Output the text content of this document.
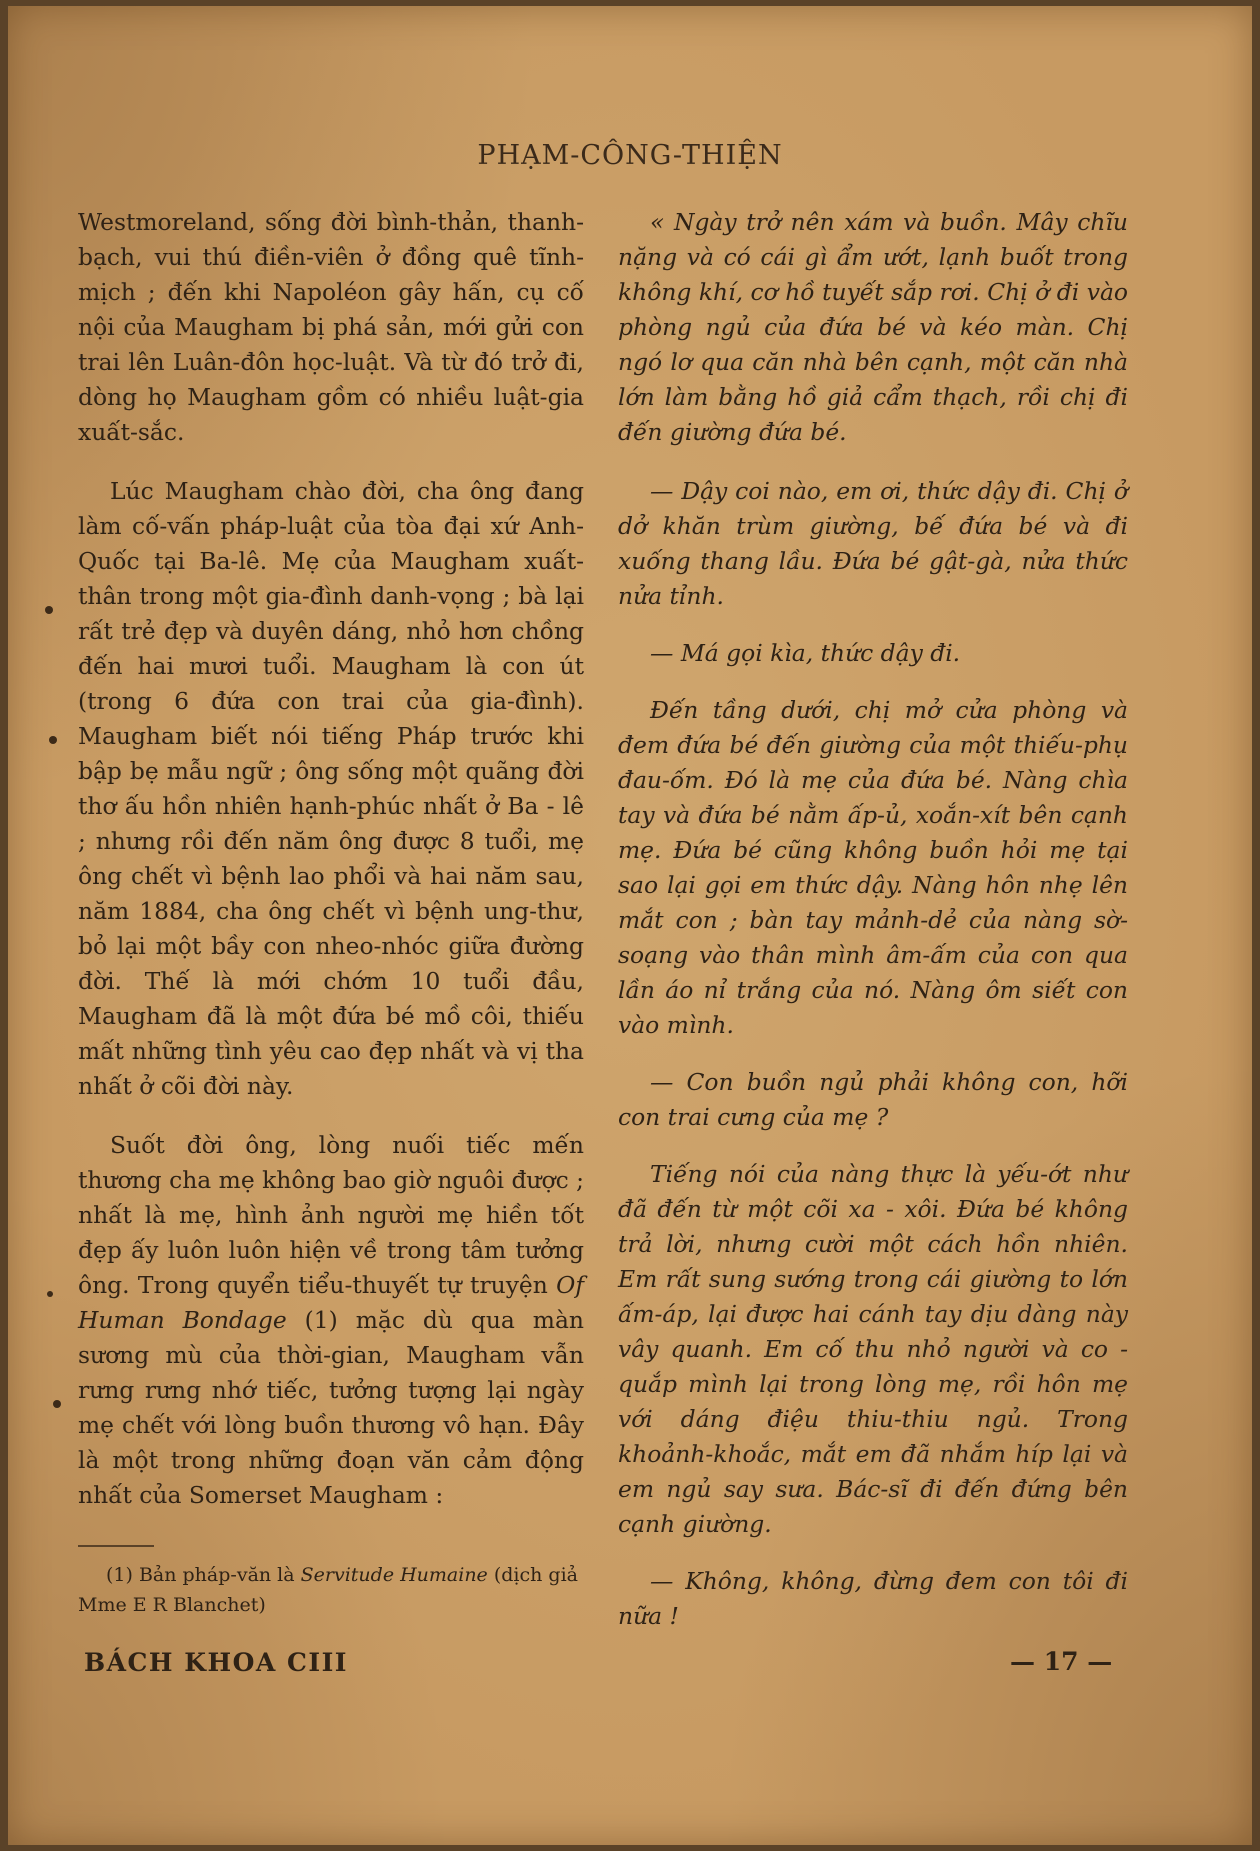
PHẠM-CÔNG-THIỆN

Westmoreland, sống đời bình-thản, thanh-bạch, vui thú điền-viên ở đồng quê tĩnh-mịch ; đến khi Napoléon gây hấn, cụ cố nội của Maugham bị phá sản, mới gửi con trai lên Luân-đôn học-luật. Và từ đó trở đi, dòng họ Maugham gồm có nhiều luật-gia xuất-sắc.

Lúc Maugham chào đời, cha ông đang làm cố-vấn pháp-luật của tòa đại xứ Anh-Quốc tại Ba-lê. Mẹ của Maugham xuất-thân trong một gia-đình danh-vọng ; bà lại rất trẻ đẹp và duyên dáng, nhỏ hơn chồng đến hai mươi tuổi. Maugham là con út (trong 6 đứa con trai của gia-đình). Maugham biết nói tiếng Pháp trước khi bập bẹ mẫu ngữ ; ông sống một quãng đời thơ ấu hồn nhiên hạnh-phúc nhất ở Ba - lê ; nhưng rồi đến năm ông được 8 tuổi, mẹ ông chết vì bệnh lao phổi và hai năm sau, năm 1884, cha ông chết vì bệnh ung-thư, bỏ lại một bầy con nheo-nhóc giữa đường đời. Thế là mới chớm 10 tuổi đầu, Maugham đã là một đứa bé mồ côi, thiếu mất những tình yêu cao đẹp nhất và vị tha nhất ở cõi đời này.

Suốt đời ông, lòng nuối tiếc mến thương cha mẹ không bao giờ nguôi được ; nhất là mẹ, hình ảnh người mẹ hiền tốt đẹp ấy luôn luôn hiện về trong tâm tưởng ông. Trong quyển tiểu-thuyết tự truyện Of Human Bondage (1) mặc dù qua màn sương mù của thời-gian, Maugham vẫn rưng rưng nhớ tiếc, tưởng tượng lại ngày mẹ chết với lòng buồn thương vô hạn. Đây là một trong những đoạn văn cảm động nhất của Somerset Maugham :

(1) Bản pháp-văn là Servitude Humaine (dịch giả Mme E R Blanchet)

« Ngày trở nên xám và buồn. Mây chĩu nặng và có cái gì ẩm ướt, lạnh buốt trong không khí, cơ hồ tuyết sắp rơi. Chị ở đi vào phòng ngủ của đứa bé và kéo màn. Chị ngó lơ qua căn nhà bên cạnh, một căn nhà lớn làm bằng hồ giả cẩm thạch, rồi chị đi đến giường đứa bé.

— Dậy coi nào, em ơi, thức dậy đi. Chị ở dở khăn trùm giường, bế đứa bé và đi xuống thang lầu. Đứa bé gật-gà, nửa thức nửa tỉnh.

— Má gọi kìa, thức dậy đi.

Đến tầng dưới, chị mở cửa phòng và đem đứa bé đến giường của một thiếu-phụ đau-ốm. Đó là mẹ của đứa bé. Nàng chìa tay và đứa bé nằm ấp-ủ, xoắn-xít bên cạnh mẹ. Đứa bé cũng không buồn hỏi mẹ tại sao lại gọi em thức dậy. Nàng hôn nhẹ lên mắt con ; bàn tay mảnh-dẻ của nàng sờ-soạng vào thân mình âm-ấm của con qua lần áo nỉ trắng của nó. Nàng ôm siết con vào mình.

— Con buồn ngủ phải không con, hỡi con trai cưng của mẹ ?

Tiếng nói của nàng thực là yếu-ớt như đã đến từ một cõi xa - xôi. Đứa bé không trả lời, nhưng cười một cách hồn nhiên. Em rất sung sướng trong cái giường to lớn ấm-áp, lại được hai cánh tay dịu dàng này vây quanh. Em cố thu nhỏ người và co - quắp mình lại trong lòng mẹ, rồi hôn mẹ với dáng điệu thiu-thiu ngủ. Trong khoảnh-khoắc, mắt em đã nhắm híp lại và em ngủ say sưa. Bác-sĩ đi đến đứng bên cạnh giường.

— Không, không, đừng đem con tôi đi nữa !

BÁCH KHOA CIII	— 17 —
